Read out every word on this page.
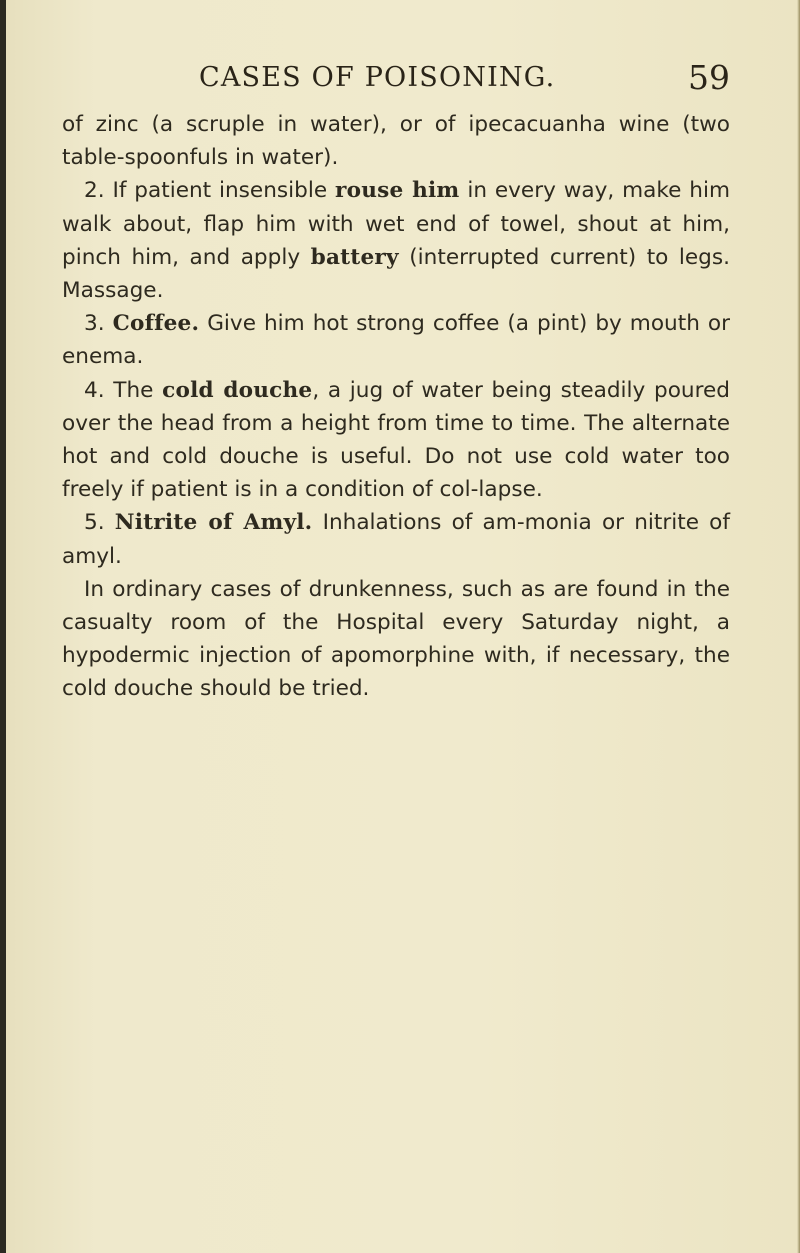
CASES OF POISONING.	59

of zinc (a scruple in water), or of ipecacuanha wine (two table-spoonfuls in water).

2. If patient insensible rouse him in every way, make him walk about, flap him with wet end of towel, shout at him, pinch him, and apply battery (interrupted current) to legs. Massage.

3. Coffee. Give him hot strong coffee (a pint) by mouth or enema.

4. The cold douche, a jug of water being steadily poured over the head from a height from time to time. The alternate hot and cold douche is useful. Do not use cold water too freely if patient is in a condition of col-lapse.

5. Nitrite of Amyl. Inhalations of am-monia or nitrite of amyl.

In ordinary cases of drunkenness, such as are found in the casualty room of the Hospital every Saturday night, a hypodermic injection of apomorphine with, if necessary, the cold douche should be tried.
